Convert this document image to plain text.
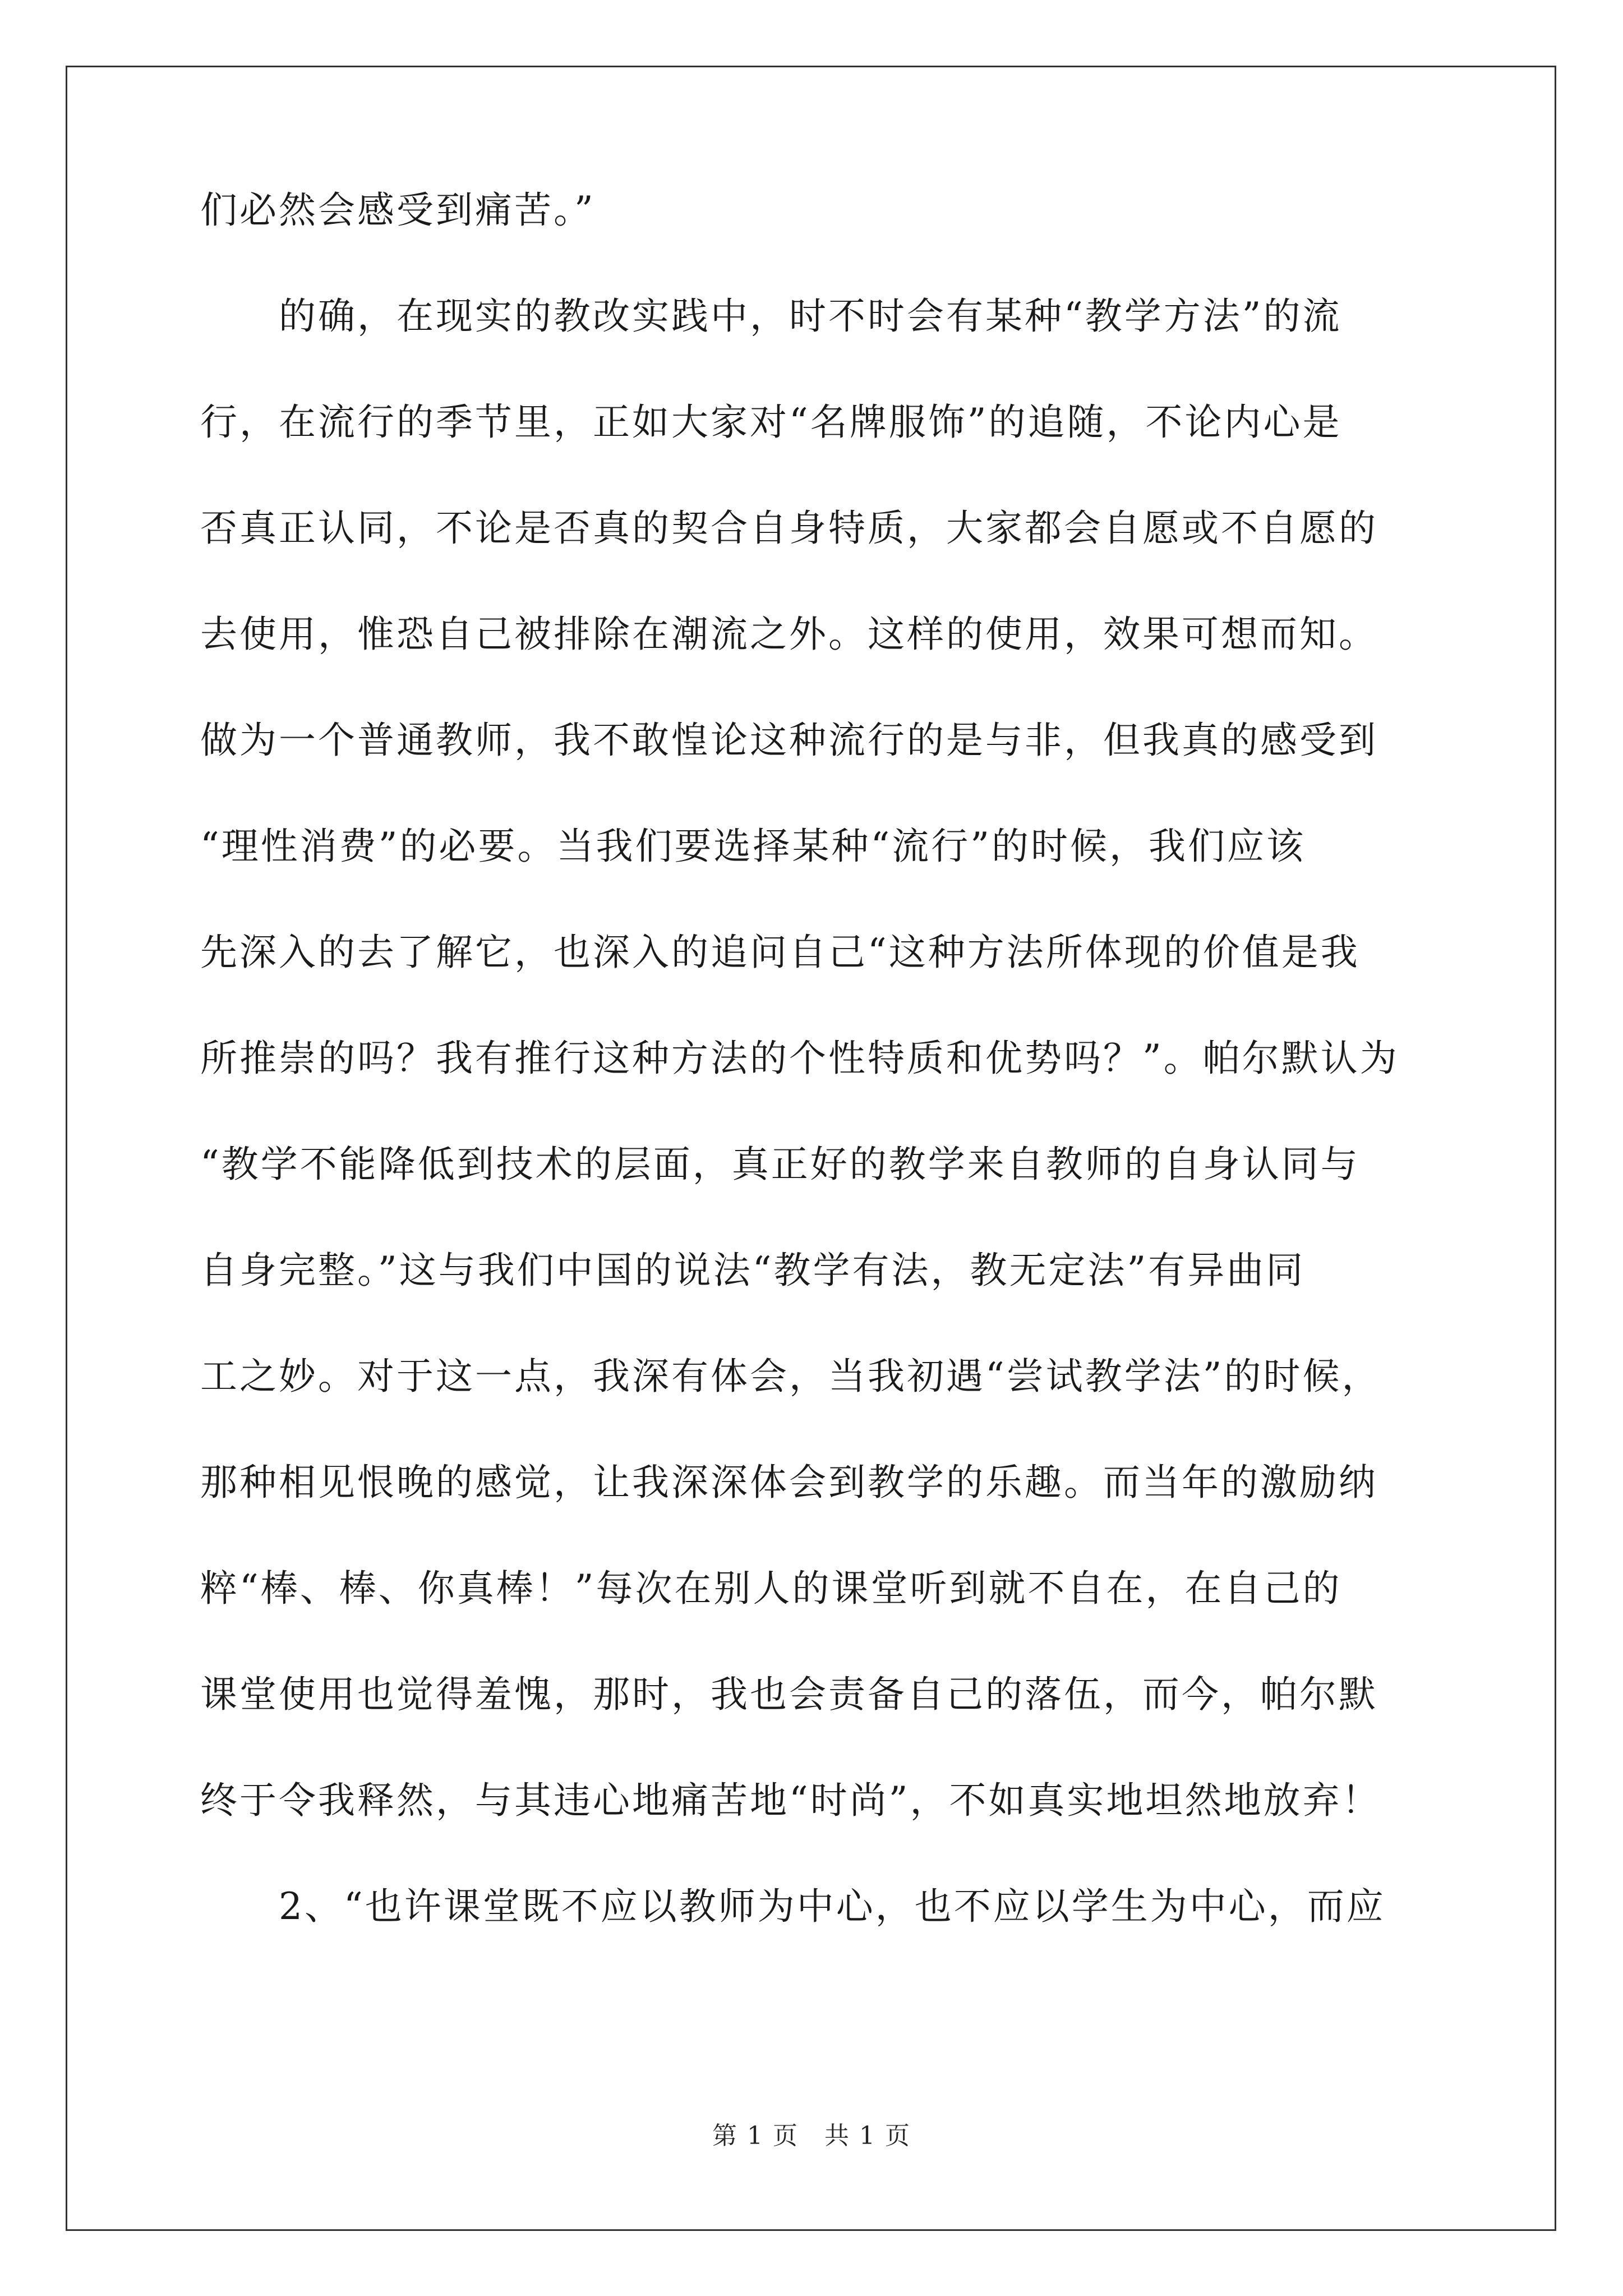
们必然会感受到痛苦。”
　　的确，在现实的教改实践中，时不时会有某种“教学方法”的流
行，在流行的季节里，正如大家对“名牌服饰”的追随，不论内心是
否真正认同，不论是否真的契合自身特质，大家都会自愿或不自愿的
去使用，惟恐自己被排除在潮流之外。这样的使用，效果可想而知。
做为一个普通教师，我不敢惶论这种流行的是与非，但我真的感受到
“理性消费”的必要。当我们要选择某种“流行”的时候，我们应该
先深入的去了解它，也深入的追问自己“这种方法所体现的价值是我
所推崇的吗？我有推行这种方法的个性特质和优势吗？”。帕尔默认为
“教学不能降低到技术的层面，真正好的教学来自教师的自身认同与
自身完整。”这与我们中国的说法“教学有法，教无定法”有异曲同
工之妙。对于这一点，我深有体会，当我初遇“尝试教学法”的时候，
那种相见恨晚的感觉，让我深深体会到教学的乐趣。而当年的激励纳
粹“棒、棒、你真棒！”每次在别人的课堂听到就不自在，在自己的
课堂使用也觉得羞愧，那时，我也会责备自己的落伍，而今，帕尔默
终于令我释然，与其违心地痛苦地“时尚”，不如真实地坦然地放弃！
　　2、“也许课堂既不应以教师为中心，也不应以学生为中心，而应
第 1 页　共 1 页
